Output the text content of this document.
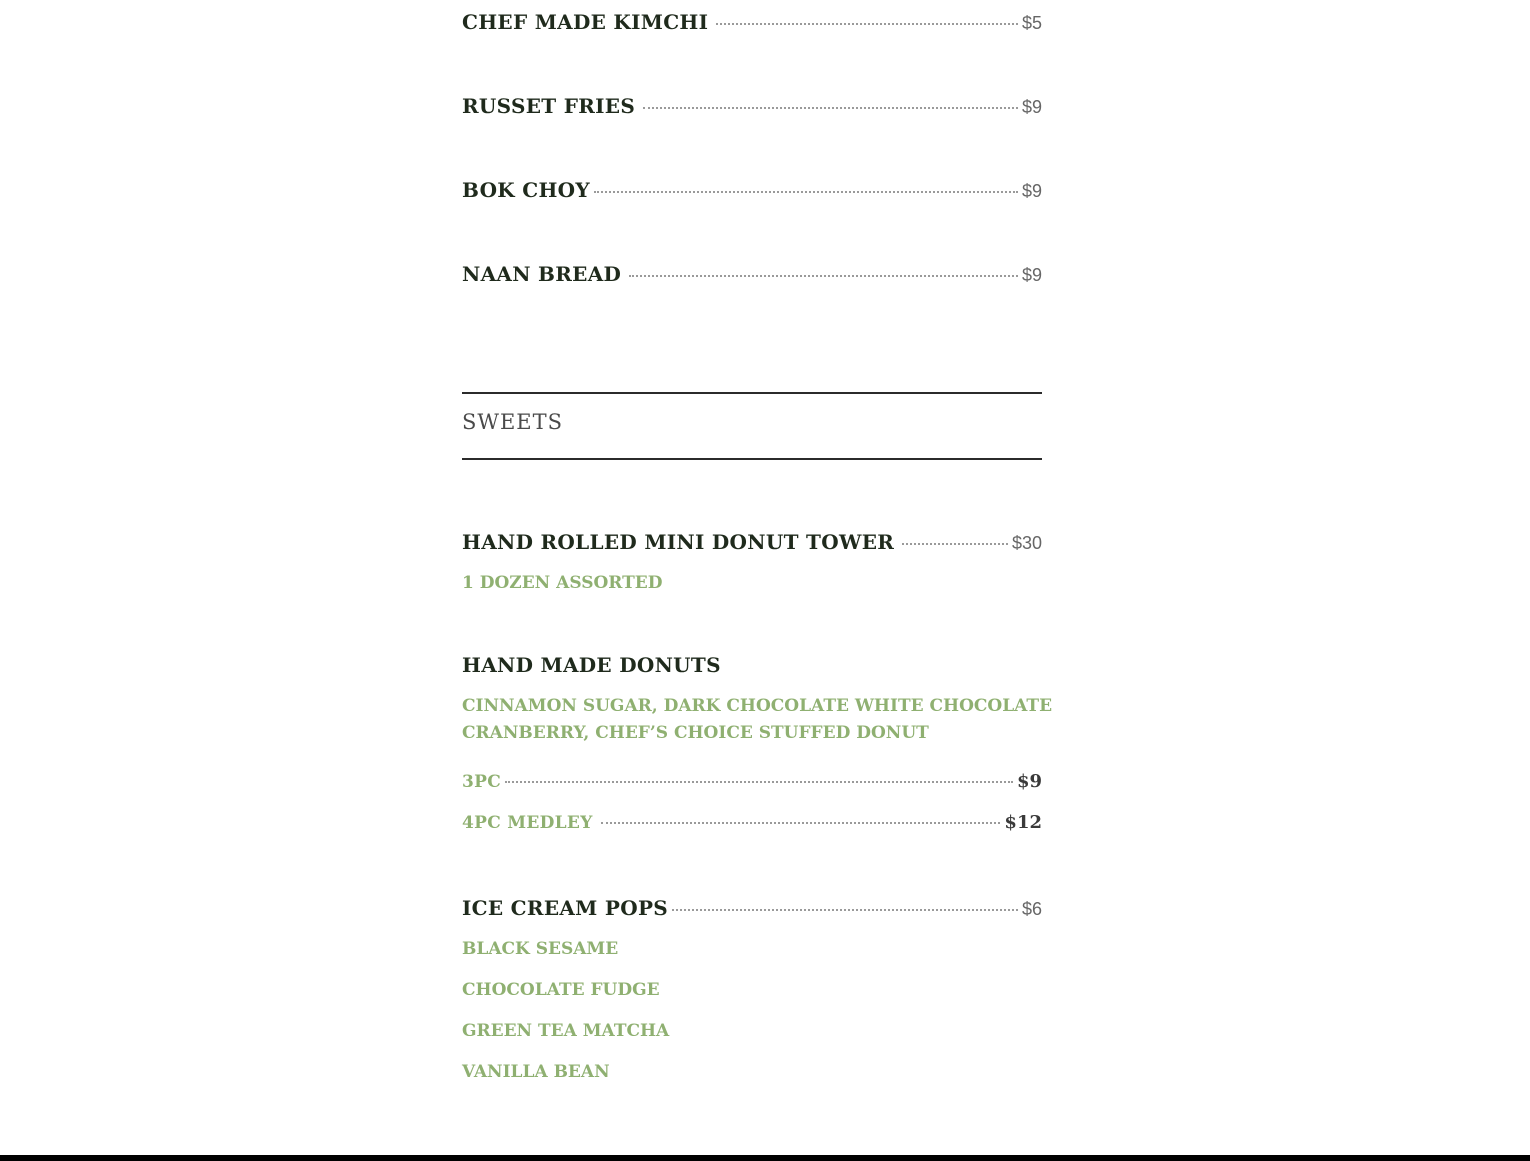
CHEF MADE KIMCHI	$5
RUSSET FRIES	$9
BOK CHOY	$9
NAAN BREAD	$9
SWEETS
HAND ROLLED MINI DONUT TOWER	$30
1 DOZEN ASSORTED
HAND MADE DONUTS
CINNAMON SUGAR, DARK CHOCOLATE WHITE CHOCOLATE
CRANBERRY, CHEF’S CHOICE STUFFED DONUT
3PC	$9
4PC MEDLEY	$12
ICE CREAM POPS	$6
BLACK SESAME
CHOCOLATE FUDGE
GREEN TEA MATCHA
VANILLA BEAN
